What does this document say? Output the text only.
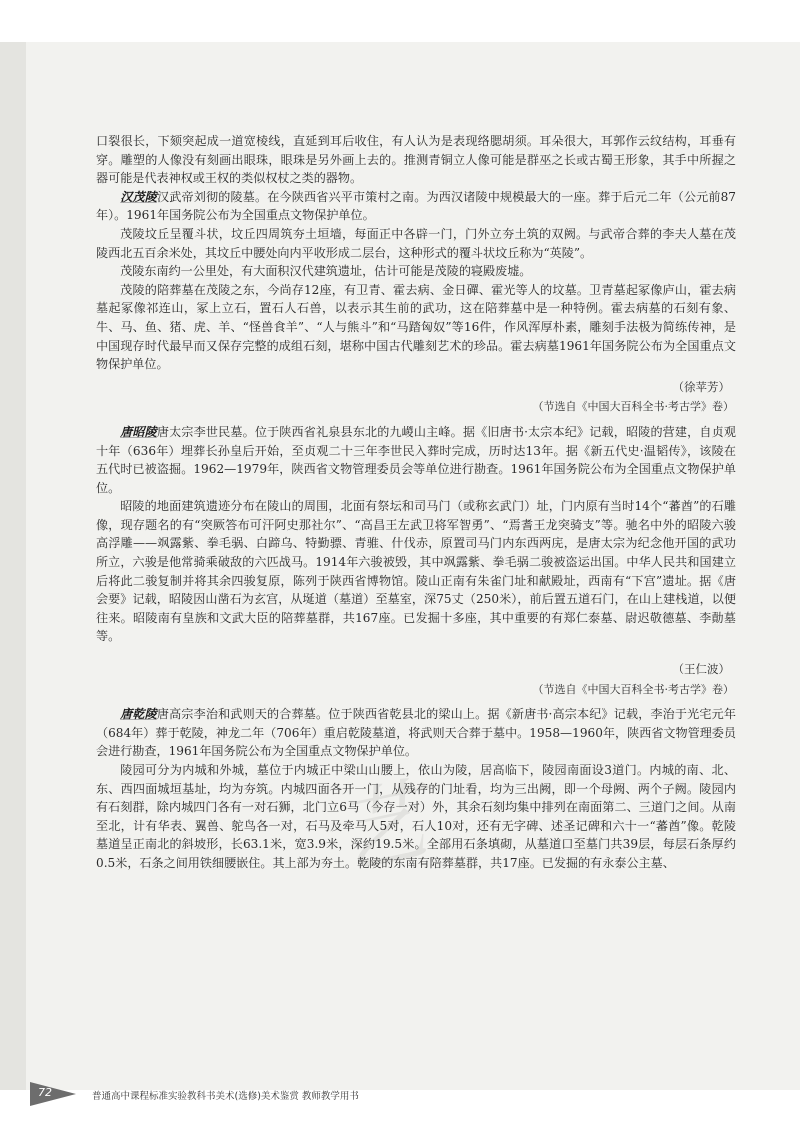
艺

口裂很长，下颏突起成一道宽棱线，直延到耳后收住，有人认为是表现络腮胡须。耳朵很大，耳郭作云纹结构，耳垂有穿。雕塑的人像没有刻画出眼珠，眼珠是另外画上去的。推测青铜立人像可能是群巫之长或古蜀王形象，其手中所握之器可能是代表神权或王权的类似权杖之类的器物。

汉茂陵汉武帝刘彻的陵墓。在今陕西省兴平市策村之南。为西汉诸陵中规模最大的一座。葬于后元二年（公元前87年）。1961年国务院公布为全国重点文物保护单位。

茂陵坟丘呈覆斗状，坟丘四周筑夯土垣墙，每面正中各辟一门，门外立夯土筑的双阙。与武帝合葬的李夫人墓在茂陵西北五百余米处，其坟丘中腰处向内平收形成二层台，这种形式的覆斗状坟丘称为“英陵”。

茂陵东南约一公里处，有大面积汉代建筑遗址，估计可能是茂陵的寝殿废墟。

茂陵的陪葬墓在茂陵之东，今尚存12座，有卫青、霍去病、金日磾、霍光等人的坟墓。卫青墓起冢像庐山，霍去病墓起冢像祁连山，冢上立石，置石人石兽，以表示其生前的武功，这在陪葬墓中是一种特例。霍去病墓的石刻有象、牛、马、鱼、猪、虎、羊、“怪兽食羊”、“人与熊斗”和“马踏匈奴”等16件，作风浑厚朴素，雕刻手法极为简练传神，是中国现存时代最早而又保存完整的成组石刻，堪称中国古代雕刻艺术的珍品。霍去病墓1961年国务院公布为全国重点文物保护单位。

（徐苹芳）
（节选自《中国大百科全书·考古学》卷）

唐昭陵唐太宗李世民墓。位于陕西省礼泉县东北的九嵕山主峰。据《旧唐书·太宗本纪》记载，昭陵的营建，自贞观十年（636年）埋葬长孙皇后开始，至贞观二十三年李世民入葬时完成，历时达13年。据《新五代史·温韬传》，该陵在五代时已被盗掘。1962—1979年，陕西省文物管理委员会等单位进行勘查。1961年国务院公布为全国重点文物保护单位。

昭陵的地面建筑遗迹分布在陵山的周围，北面有祭坛和司马门（或称玄武门）址，门内原有当时14个“蕃酋”的石雕像，现存题名的有“突厥答布可汗阿史那社尔”、“高昌王左武卫将军智勇”、“焉耆王龙突骑支”等。驰名中外的昭陵六骏高浮雕——飒露紫、拳毛䯄、白蹄乌、特勤骠、青骓、什伐赤，原置司马门内东西两庑，是唐太宗为纪念他开国的武功所立，六骏是他常骑乘破敌的六匹战马。1914年六骏被毁，其中飒露紫、拳毛䯄二骏被盗运出国。中华人民共和国建立后将此二骏复制并将其余四骏复原，陈列于陕西省博物馆。陵山正南有朱雀门址和献殿址，西南有“下宫”遗址。据《唐会要》记载，昭陵因山凿石为玄宫，从埏道（墓道）至墓室，深75丈（250米），前后置五道石门，在山上建栈道，以便往来。昭陵南有皇族和文武大臣的陪葬墓群，共167座。已发掘十多座，其中重要的有郑仁泰墓、尉迟敬德墓、李勣墓等。

（王仁波）
（节选自《中国大百科全书·考古学》卷）

唐乾陵唐高宗李治和武则天的合葬墓。位于陕西省乾县北的梁山上。据《新唐书·高宗本纪》记载，李治于光宅元年（684年）葬于乾陵，神龙二年（706年）重启乾陵墓道，将武则天合葬于墓中。1958—1960年，陕西省文物管理委员会进行勘查，1961年国务院公布为全国重点文物保护单位。

陵园可分为内城和外城，墓位于内城正中梁山山腰上，依山为陵，居高临下，陵园南面设3道门。内城的南、北、东、西四面城垣基址，均为夯筑。内城四面各开一门，从残存的门址看，均为三出阙，即一个母阙、两个子阙。陵园内有石刻群，除内城四门各有一对石狮，北门立6马（今存一对）外，其余石刻均集中排列在南面第二、三道门之间。从南至北，计有华表、翼兽、鸵鸟各一对，石马及牵马人5对，石人10对，还有无字碑、述圣记碑和六十一“蕃酋”像。乾陵墓道呈正南北的斜坡形，长63.1米，宽3.9米，深约19.5米。全部用石条填砌，从墓道口至墓门共39层，每层石条厚约0.5米，石条之间用铁细腰嵌住。其上部为夯土。乾陵的东南有陪葬墓群，共17座。已发掘的有永泰公主墓、

72	普通高中课程标准实验教科书美术(选修)美术鉴赏 教师教学用书
